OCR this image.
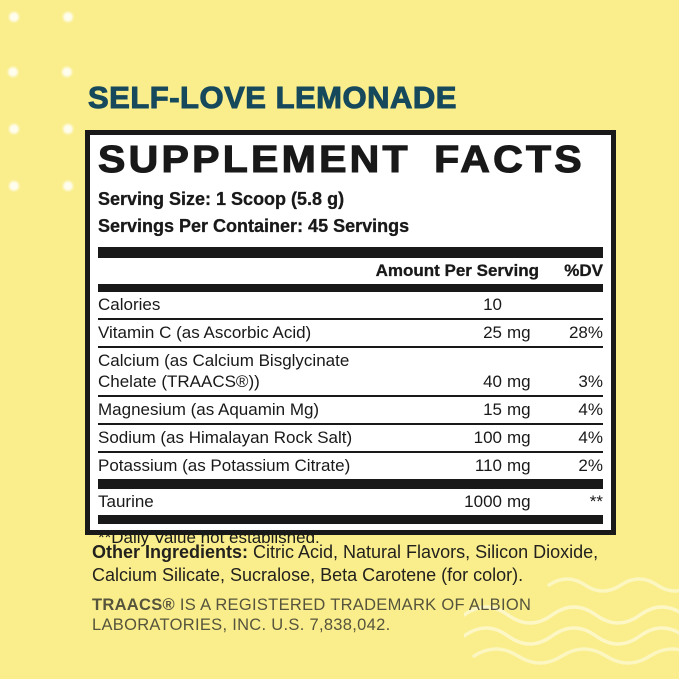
SELF-LOVE LEMONADE
SUPPLEMENT FACTS
Serving Size: 1 Scoop (5.8 g)
Servings Per Container: 45 Servings
Amount Per Serving	%DV
Calories	10
Vitamin C (as Ascorbic Acid)	25 mg	28%
Calcium (as Calcium Bisglycinate
Chelate (TRAACS®))	40 mg	3%
Magnesium (as Aquamin Mg)	15 mg	4%
Sodium (as Himalayan Rock Salt)	100 mg	4%
Potassium (as Potassium Citrate)	110 mg	2%
Taurine	1000 mg	**
**Daily Value not established.
Other Ingredients: Citric Acid, Natural Flavors, Silicon Dioxide, Calcium Silicate, Sucralose, Beta Carotene (for color).
TRAACS® IS A REGISTERED TRADEMARK OF ALBION LABORATORIES, INC. U.S. 7,838,042.
